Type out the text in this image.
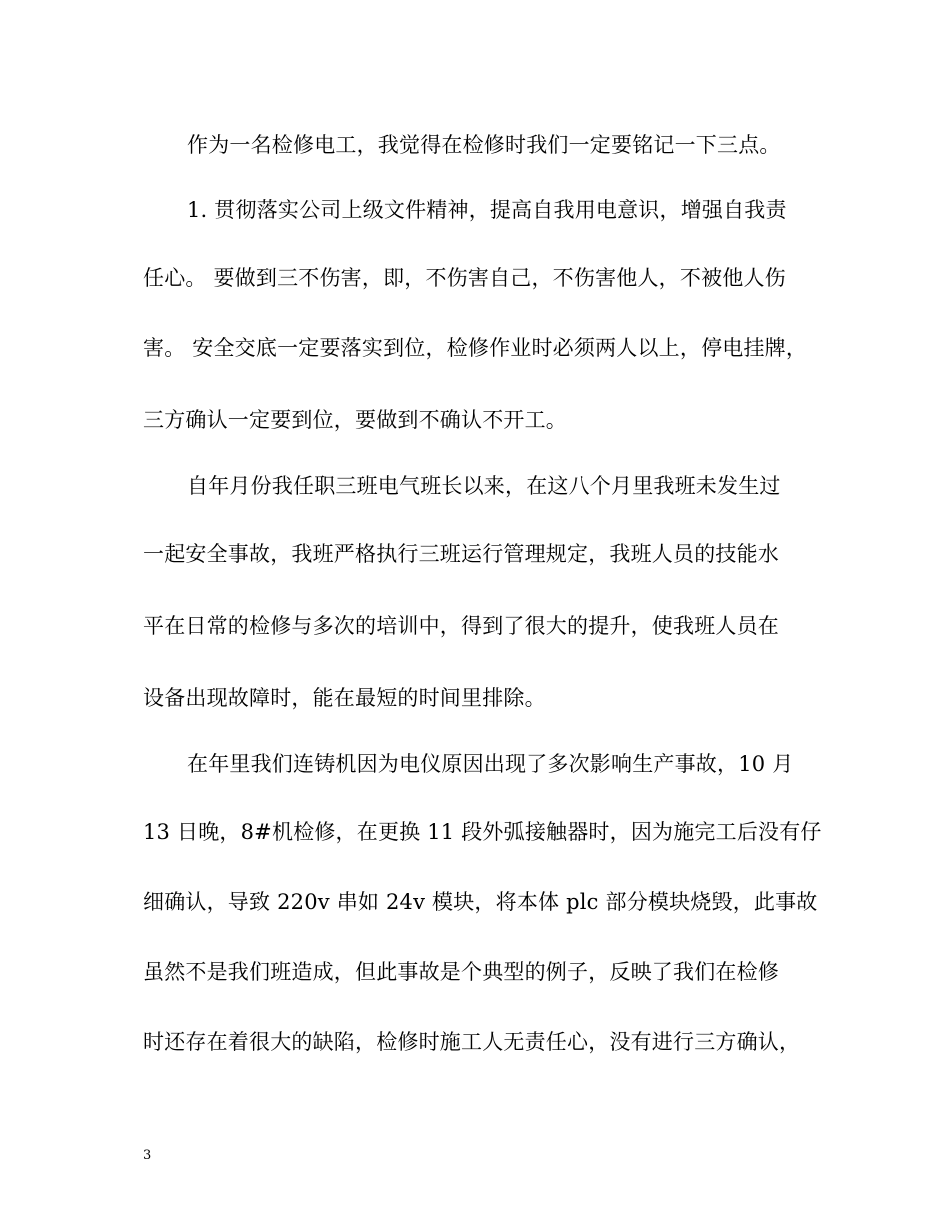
作为一名检修电工，我觉得在检修时我们一定要铭记一下三点。
1. 贯彻落实公司上级文件精神，提高自我用电意识，增强自我责
任心。 要做到三不伤害，即，不伤害自己，不伤害他人，不被他人伤
害。 安全交底一定要落实到位，检修作业时必须两人以上，停电挂牌，
三方确认一定要到位，要做到不确认不开工。
自年月份我任职三班电气班长以来，在这八个月里我班未发生过
一起安全事故，我班严格执行三班运行管理规定，我班人员的技能水
平在日常的检修与多次的培训中，得到了很大的提升，使我班人员在
设备出现故障时，能在最短的时间里排除。
在年里我们连铸机因为电仪原因出现了多次影响生产事故，10 月
13 日晚，8#机检修，在更换 11 段外弧接触器时，因为施完工后没有仔
细确认，导致 220v 串如 24v 模块，将本体 plc 部分模块烧毁，此事故
虽然不是我们班造成，但此事故是个典型的例子，反映了我们在检修
时还存在着很大的缺陷，检修时施工人无责任心，没有进行三方确认，
3
